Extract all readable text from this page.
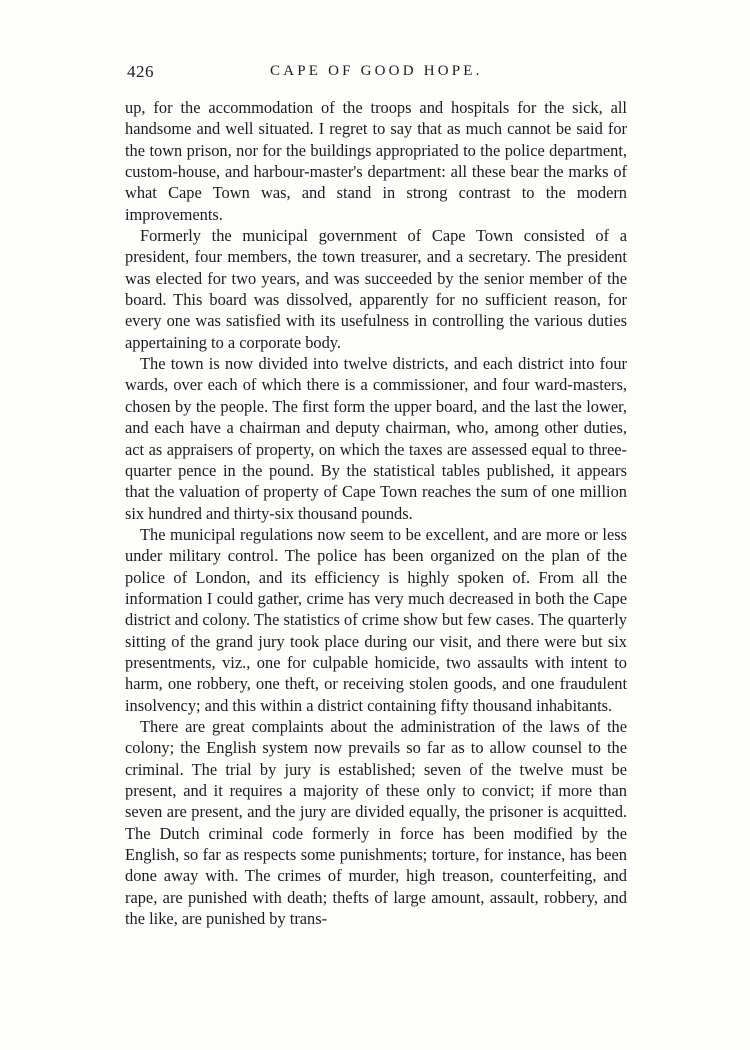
426	CAPE OF GOOD HOPE.

up, for the accommodation of the troops and hospitals for the sick, all handsome and well situated. I regret to say that as much cannot be said for the town prison, nor for the buildings appropriated to the police department, custom-house, and harbour-master's department: all these bear the marks of what Cape Town was, and stand in strong contrast to the modern improvements.

Formerly the municipal government of Cape Town consisted of a president, four members, the town treasurer, and a secretary. The president was elected for two years, and was succeeded by the senior member of the board. This board was dissolved, apparently for no sufficient reason, for every one was satisfied with its usefulness in controlling the various duties appertaining to a corporate body.

The town is now divided into twelve districts, and each district into four wards, over each of which there is a commissioner, and four ward-masters, chosen by the people. The first form the upper board, and the last the lower, and each have a chairman and deputy chairman, who, among other duties, act as appraisers of property, on which the taxes are assessed equal to three-quarter pence in the pound. By the statistical tables published, it appears that the valuation of property of Cape Town reaches the sum of one million six hundred and thirty-six thousand pounds.

The municipal regulations now seem to be excellent, and are more or less under military control. The police has been organized on the plan of the police of London, and its efficiency is highly spoken of. From all the information I could gather, crime has very much decreased in both the Cape district and colony. The statistics of crime show but few cases. The quarterly sitting of the grand jury took place during our visit, and there were but six presentments, viz., one for culpable homicide, two assaults with intent to harm, one robbery, one theft, or receiving stolen goods, and one fraudulent insolvency; and this within a district containing fifty thousand inhabitants.

There are great complaints about the administration of the laws of the colony; the English system now prevails so far as to allow counsel to the criminal. The trial by jury is established; seven of the twelve must be present, and it requires a majority of these only to convict; if more than seven are present, and the jury are divided equally, the prisoner is acquitted. The Dutch criminal code formerly in force has been modified by the English, so far as respects some punishments; torture, for instance, has been done away with. The crimes of murder, high treason, counterfeiting, and rape, are punished with death; thefts of large amount, assault, robbery, and the like, are punished by trans-
